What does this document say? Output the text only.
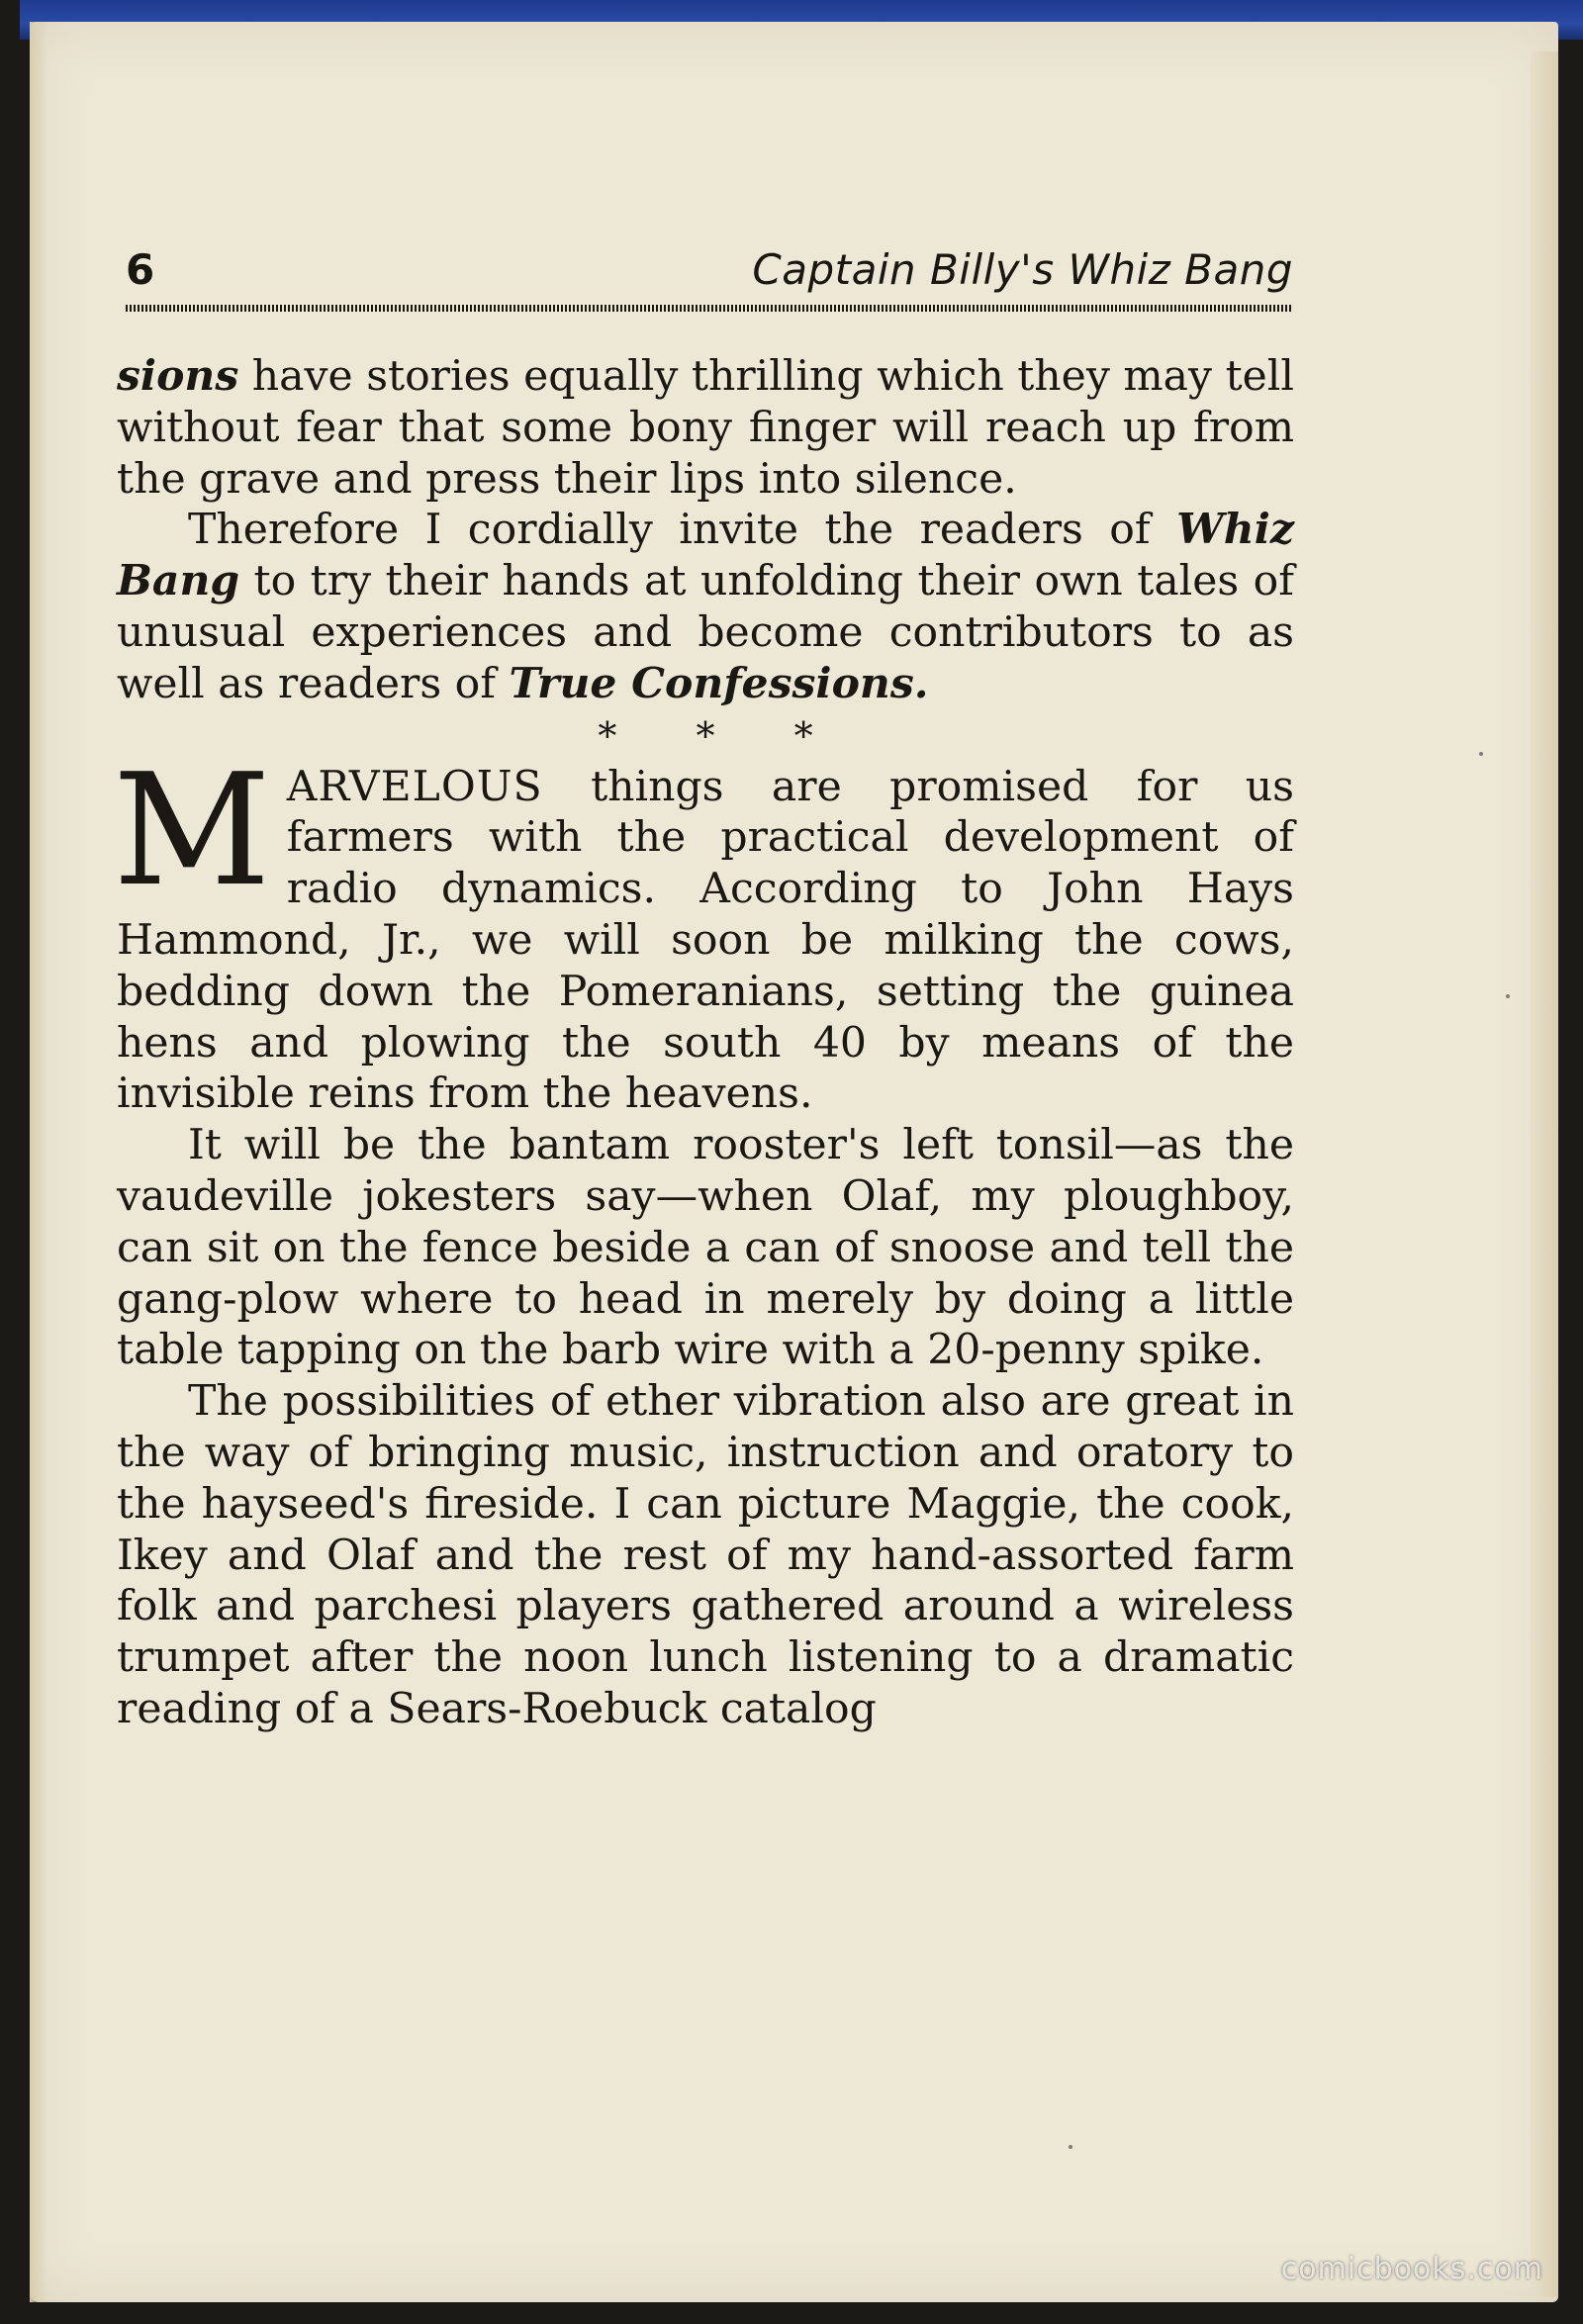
6	Captain Billy's Whiz Bang

sions have stories equally thrilling which they may tell without fear that some bony finger will reach up from the grave and press their lips into silence.

Therefore I cordially invite the readers of Whiz Bang to try their hands at unfolding their own tales of unusual experiences and become contributors to as well as readers of True Confessions.

* * *
M ARVELOUS things are promised for us farmers with the practical development of radio dynamics. According to John Hays Hammond, Jr., we will soon be milking the cows, bedding down the Pomeranians, setting the guinea hens and plowing the south 40 by means of the invisible reins from the heavens.

It will be the bantam rooster's left tonsil—as the vaudeville jokesters say—when Olaf, my ploughboy, can sit on the fence beside a can of snoose and tell the gang-plow where to head in merely by doing a little table tapping on the barb wire with a 20-penny spike.

The possibilities of ether vibration also are great in the way of bringing music, instruction and oratory to the hayseed's fireside. I can picture Maggie, the cook, Ikey and Olaf and the rest of my hand-assorted farm folk and parchesi players gathered around a wireless trumpet after the noon lunch listening to a dramatic reading of a Sears-Roebuck catalog

comicbooks.com
